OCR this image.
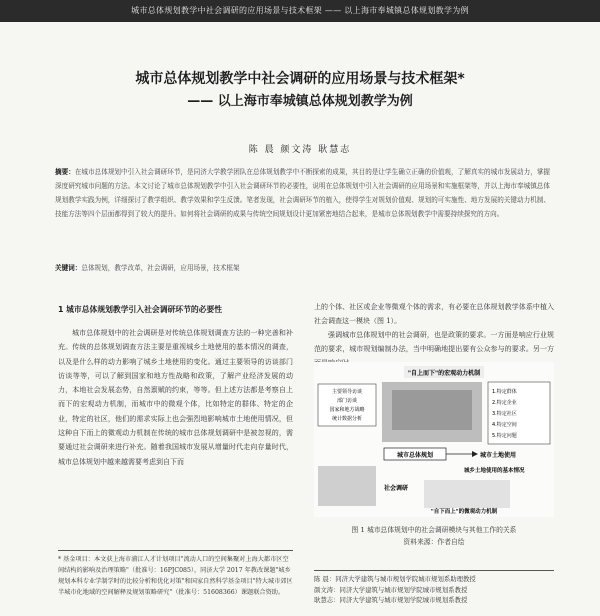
城市总体规划教学中社会调研的应用场景与技术框架 —— 以上海市奉城镇总体规划教学为例
城市总体规划教学中社会调研的应用场景与技术框架*
—— 以上海市奉城镇总体规划教学为例
陈 晨 颜文涛 耿慧志
摘要：在城市总体规划中引入社会调研环节，是同济大学教学团队在总体规划教学中不断探索的成果，其目的是让学生确立正确的价值观，了解真实的城市发展动力，掌握深度研究城市问题的方法。本文讨论了城市总体规划教学中引入社会调研环节的必要性，说明在总体规划中引入社会调研的应用场景和实施框架等，并以上海市奉城镇总体规划教学实践为例，详细探讨了教学组织、教学效果和学生反馈。笔者发现，社会调研环节的植入，使得学生对规划价值观、规划的可实施性、地方发展的关键动力机制、技能方法等四个层面都得到了较大的提升。如何将社会调研的成果与传统空间规划设计更加紧密地结合起来，是城市总体规划教学中需要持续探究的方向。
关键词：总体规划，教学改革，社会调研，应用场景，技术框架
1 城市总体规划教学引入社会调研环节的必要性

城市总体规划中的社会调研是对传统总体规划调查方法的一种完善和补充。传统的总体规划调查方法主要是重视城乡土地使用的基本情况的调查，以及是什么样的动力影响了城乡土地使用的变化。通过主要领导的访谈部门访谈等等，可以了解到国家和地方性战略和政策，了解产业经济发展的动力，本地社会发展态势，自然禀赋的约束，等等。但上述方法都是考察自上而下的宏观动力机制，而城市中的微观个体，比如特定的群体、特定的企业，特定的社区，他们的需求实际上也会强烈地影响城市土地使用情况，但这种自下而上的微观动力机制在传统的城市总体规划调研中是被忽视的，需要通过社会调研来进行补充。随着我国城市发展从增量时代走向存量时代，城市总体规划中越来越需要考虑到自下而

上的个体、社区或企业等微观个体的需求，有必要在总体规划教学体系中植入社会调查这一模块（图 1）。

强调城市总体规划中的社会调研，也是政策的要求。一方面是响应行业规范的要求，城市规划编制办法，当中明确地提出要有公众参与的要求。另一方

"自上而下"的宏观动力机制
主要领导访谈
部门访谈
国家和地方战略
统计数据分析
1.特定群体
2.特定企业
3.特定社区
4.特定空间
5.特定问题
城市总体规划	城市土地使用
城乡土地使用的基本情况
社会调研
"自下而上"的微观动力机制
图 1 城市总体规划中的社会调研模块与其他工作的关系
资料来源：作者自绘
* 基金项目：本文获上海市浦江人才计划项目"流动人口的空间集聚对上海大都市区空间结构的影响及治理策略"（批准号：16PJC085），同济大学 2017 年教改课题"城乡规划本科专业学制学时的比较分析和优化对策"和国家自然科学基金项目"特大城市郊区半城市化地域的空间解释及规划策略研究"（批准号：51608366）课题联合资助。
陈 晨：同济大学建筑与城市规划学院城市规划系助理教授
颜文涛：同济大学建筑与城市规划学院城市规划系教授
耿慧志：同济大学建筑与城市规划学院城市规划系教授
